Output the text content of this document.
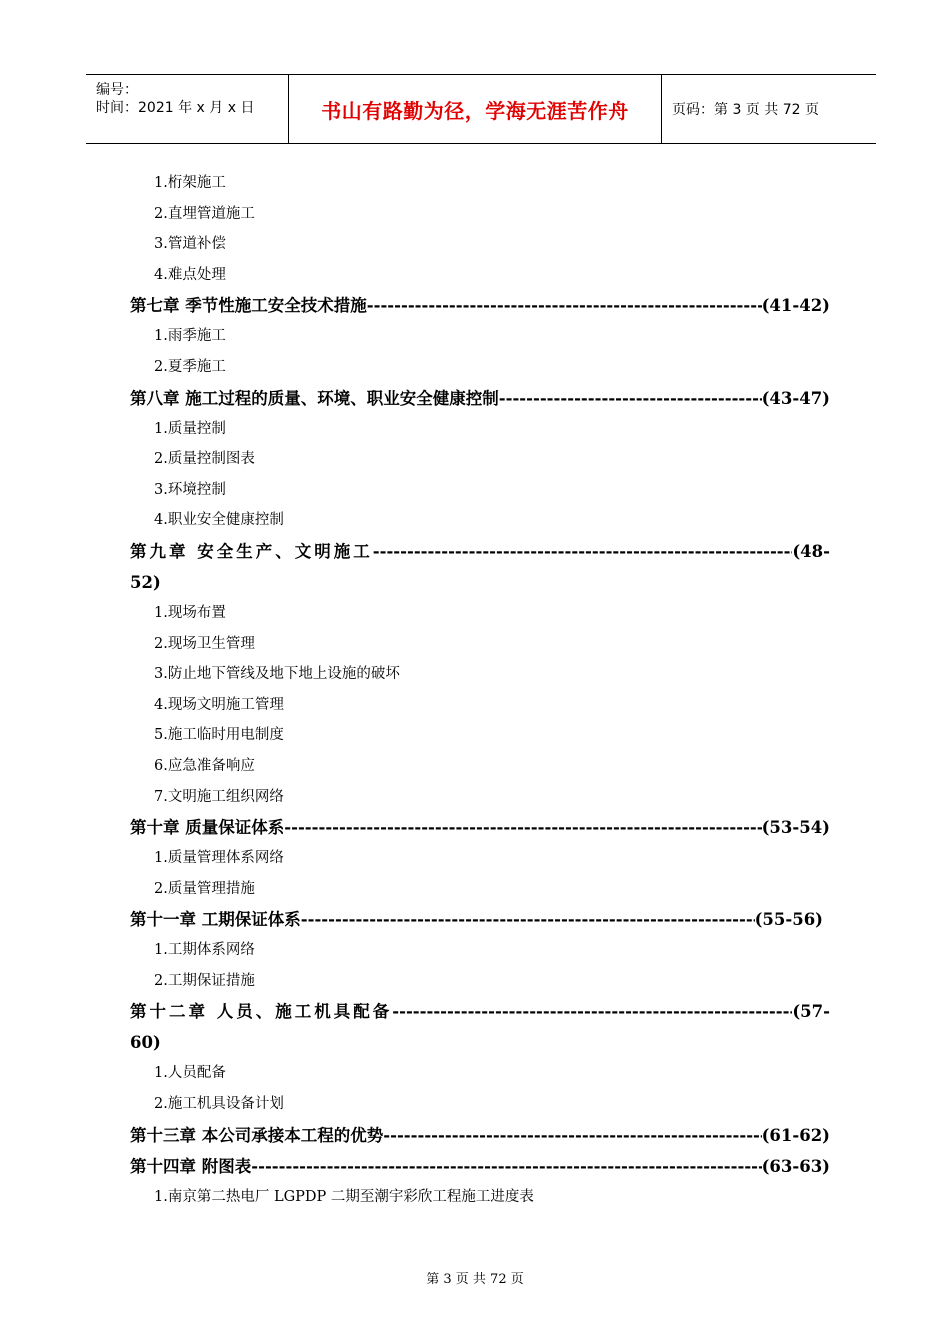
编号：
时间：2021 年 x 月 x 日	书山有路勤为径，学海无涯苦作舟	页码：第 3 页 共 72 页
1.桁架施工
2.直埋管道施工
3.管道补偿
4.难点处理
第七章 季节性施工安全技术措施 -----	(41-42)
1.雨季施工
2.夏季施工
第八章 施工过程的质量、环境、职业安全健康控制 -----	(43-47)
1.质量控制
2.质量控制图表
3.环境控制
4.职业安全健康控制
第九章 安全生产、文明施工 -----	(48-
52)
1.现场布置
2.现场卫生管理
3.防止地下管线及地下地上设施的破坏
4.现场文明施工管理
5.施工临时用电制度
6.应急准备响应
7.文明施工组织网络
第十章 质量保证体系 -----	(53-54)
1.质量管理体系网络
2.质量管理措施
第十一章 工期保证体系 -----	(55-56)
1.工期体系网络
2.工期保证措施
第十二章 人员、施工机具配备 -----	(57-
60)
1.人员配备
2.施工机具设备计划
第十三章 本公司承接本工程的优势 -----	(61-62)
第十四章 附图表 -----	(63-63)
1.南京第二热电厂 LGPDP 二期至潮宇彩欣工程施工进度表
第 3 页 共 72 页
